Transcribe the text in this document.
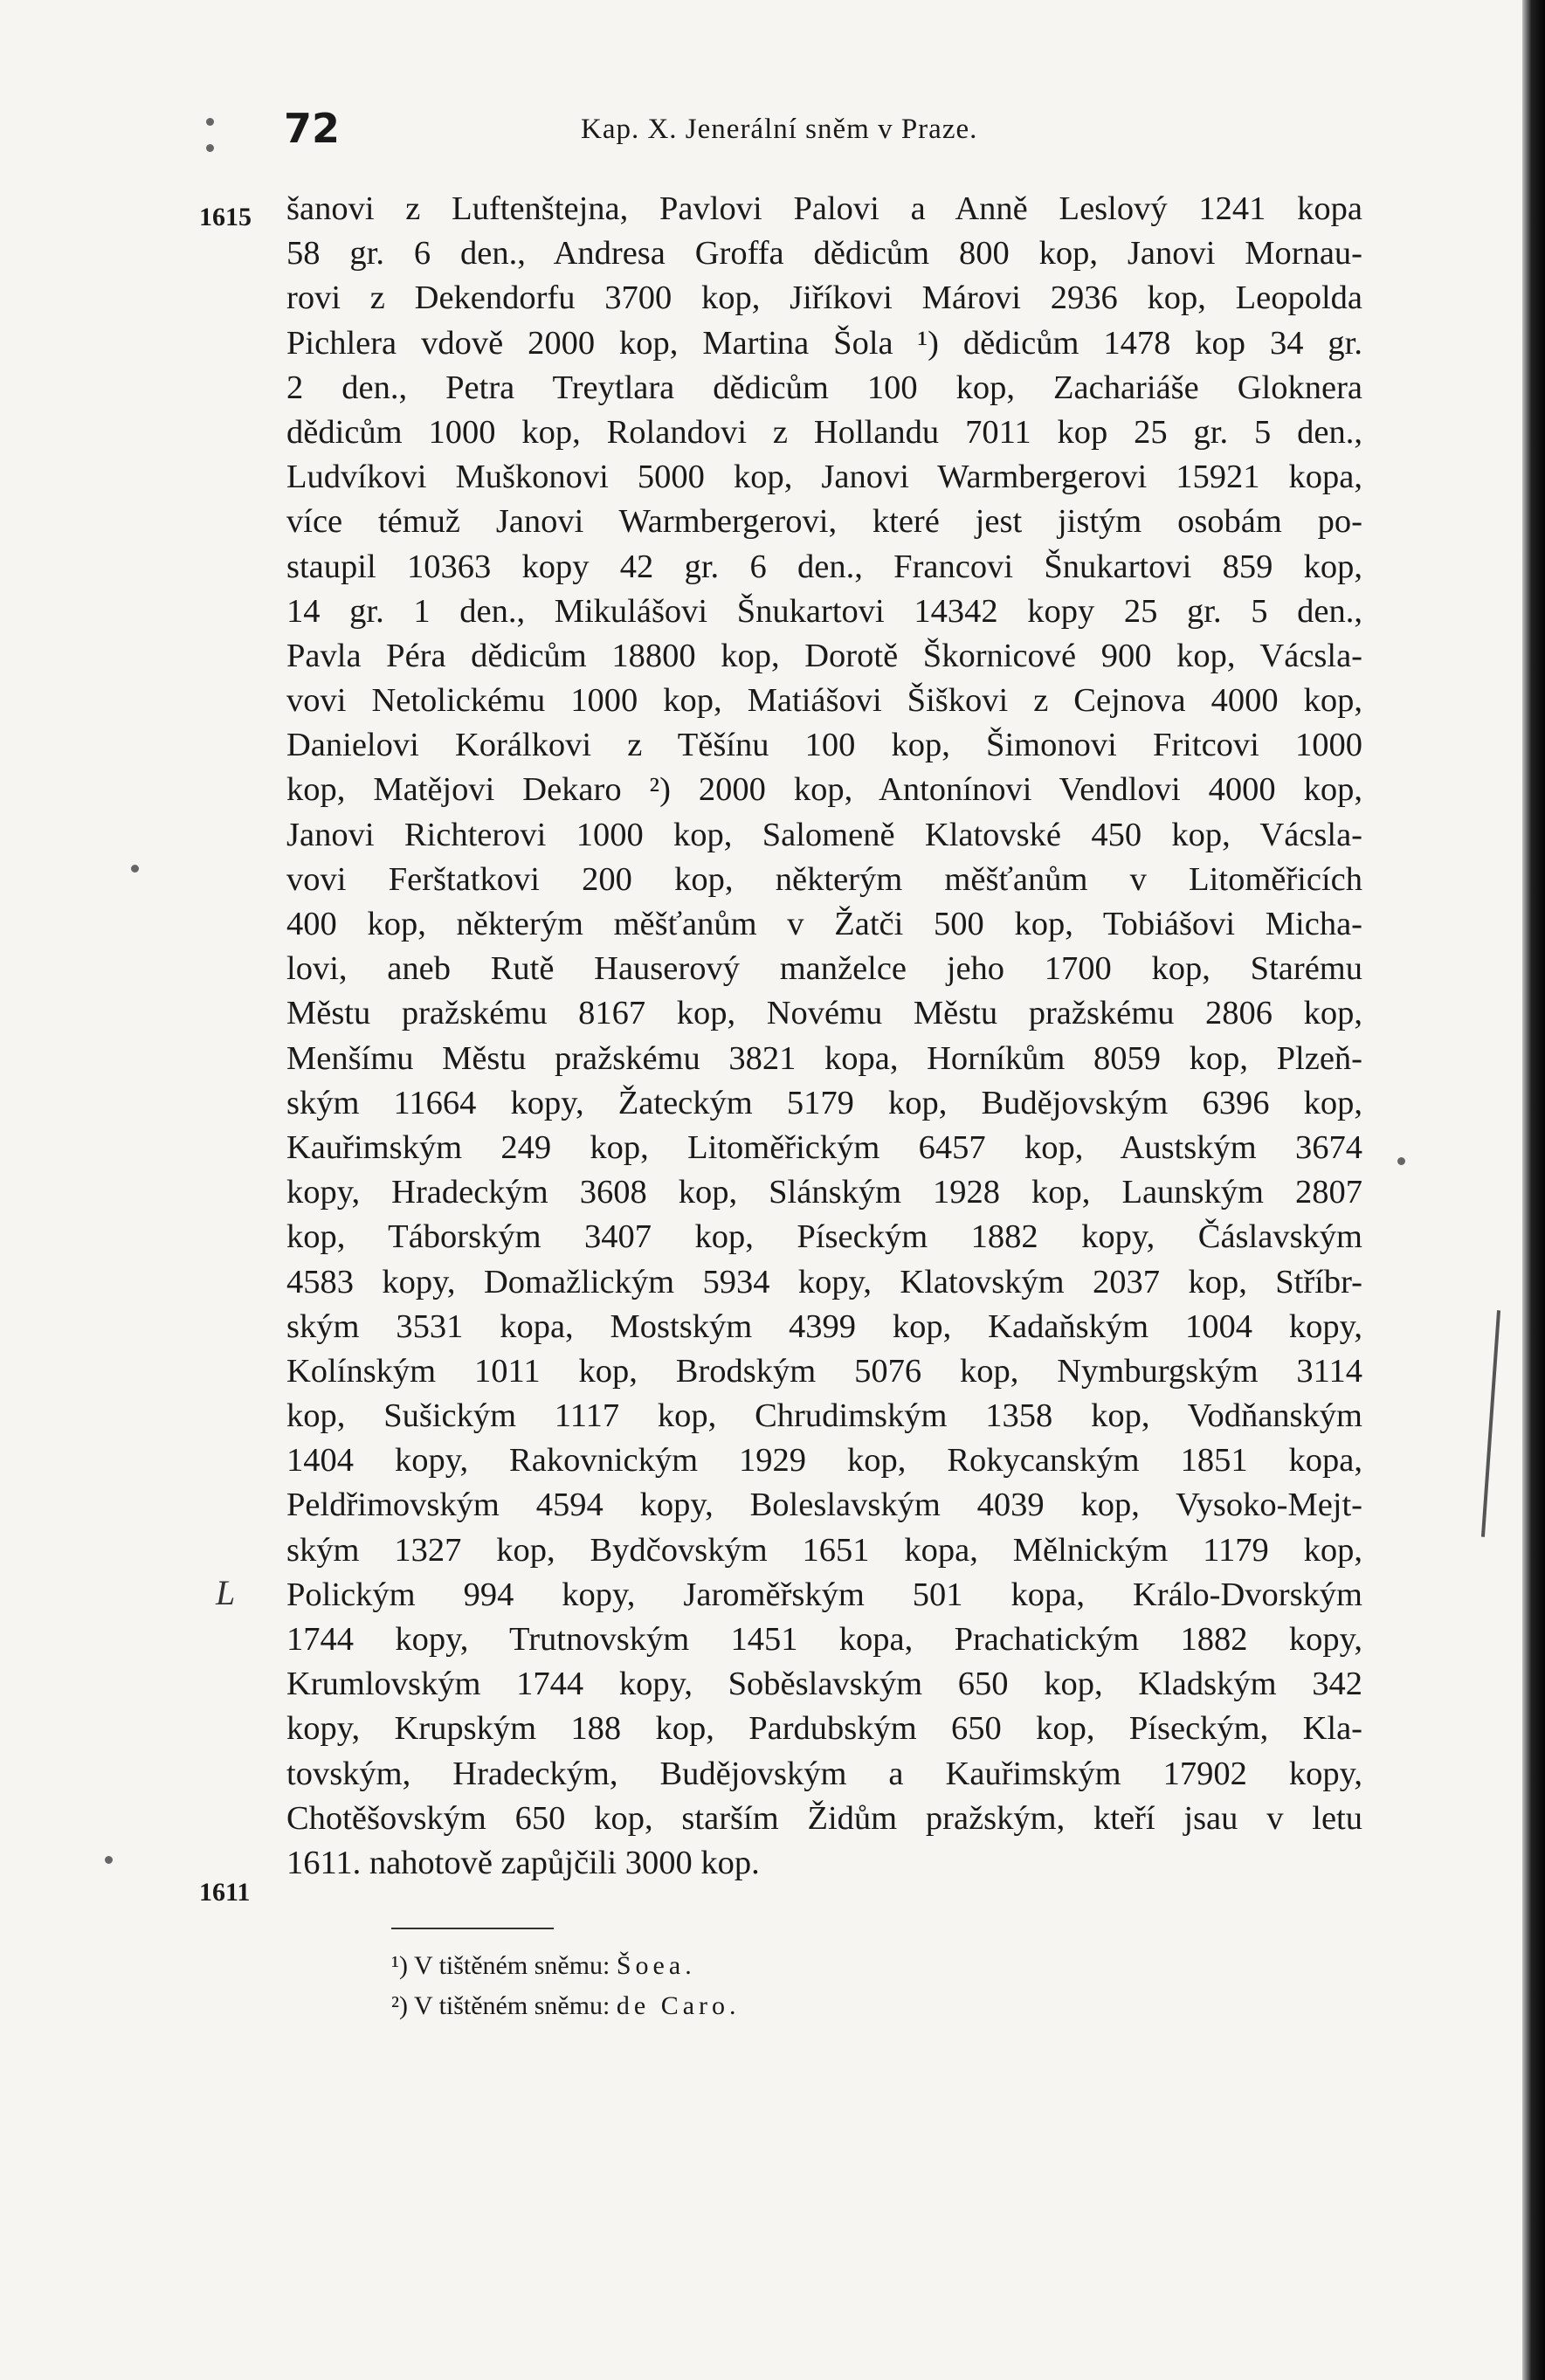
72	Kap. X. Jenerální sněm v Praze.
1615
1611
L
šanovi z Luftenštejna, Pavlovi Palovi a Anně Leslový 1241 kopa
58 gr. 6 den., Andresa Groffa dědicům 800 kop, Janovi Mornau-
rovi z Dekendorfu 3700 kop, Jiříkovi Márovi 2936 kop, Leopolda
Pichlera vdově 2000 kop, Martina Šola ¹) dědicům 1478 kop 34 gr.
2 den., Petra Treytlara dědicům 100 kop, Zachariáše Gloknera
dědicům 1000 kop, Rolandovi z Hollandu 7011 kop 25 gr. 5 den.,
Ludvíkovi Muškonovi 5000 kop, Janovi Warmbergerovi 15921 kopa,
více témuž Janovi Warmbergerovi, které jest jistým osobám po-
staupil 10363 kopy 42 gr. 6 den., Francovi Šnukartovi 859 kop,
14 gr. 1 den., Mikulášovi Šnukartovi 14342 kopy 25 gr. 5 den.,
Pavla Péra dědicům 18800 kop, Dorotě Škornicové 900 kop, Vácsla-
vovi Netolickému 1000 kop, Matiášovi Šiškovi z Cejnova 4000 kop,
Danielovi Korálkovi z Těšínu 100 kop, Šimonovi Fritcovi 1000
kop, Matějovi Dekaro ²) 2000 kop, Antonínovi Vendlovi 4000 kop,
Janovi Richterovi 1000 kop, Salomeně Klatovské 450 kop, Vácsla-
vovi Ferštatkovi 200 kop, některým měšťanům v Litoměřicích
400 kop, některým měšťanům v Žatči 500 kop, Tobiášovi Micha-
lovi, aneb Rutě Hauserový manželce jeho 1700 kop, Starému
Městu pražskému 8167 kop, Novému Městu pražskému 2806 kop,
Menšímu Městu pražskému 3821 kopa, Horníkům 8059 kop, Plzeň-
ským 11664 kopy, Žateckým 5179 kop, Budějovským 6396 kop,
Kauřimským 249 kop, Litoměřickým 6457 kop, Austským 3674
kopy, Hradeckým 3608 kop, Slánským 1928 kop, Launským 2807
kop, Táborským 3407 kop, Píseckým 1882 kopy, Čáslavským
4583 kopy, Domažlickým 5934 kopy, Klatovským 2037 kop, Stříbr-
ským 3531 kopa, Mostským 4399 kop, Kadaňským 1004 kopy,
Kolínským 1011 kop, Brodským 5076 kop, Nymburgským 3114
kop, Sušickým 1117 kop, Chrudimským 1358 kop, Vodňanským
1404 kopy, Rakovnickým 1929 kop, Rokycanským 1851 kopa,
Peldřimovským 4594 kopy, Boleslavským 4039 kop, Vysoko-Mejt-
ským 1327 kop, Bydčovským 1651 kopa, Mělnickým 1179 kop,
Polickým 994 kopy, Jaroměřským 501 kopa, Králo-Dvorským
1744 kopy, Trutnovským 1451 kopa, Prachatickým 1882 kopy,
Krumlovským 1744 kopy, Soběslavským 650 kop, Kladským 342
kopy, Krupským 188 kop, Pardubským 650 kop, Píseckým, Kla-
tovským, Hradeckým, Budějovským a Kauřimským 17902 kopy,
Chotěšovským 650 kop, starším Židům pražským, kteří jsau v letu
1611. nahotově zapůjčili 3000 kop.
¹) V tištěném sněmu: Šoea.
²) V tištěném sněmu: de Caro.
